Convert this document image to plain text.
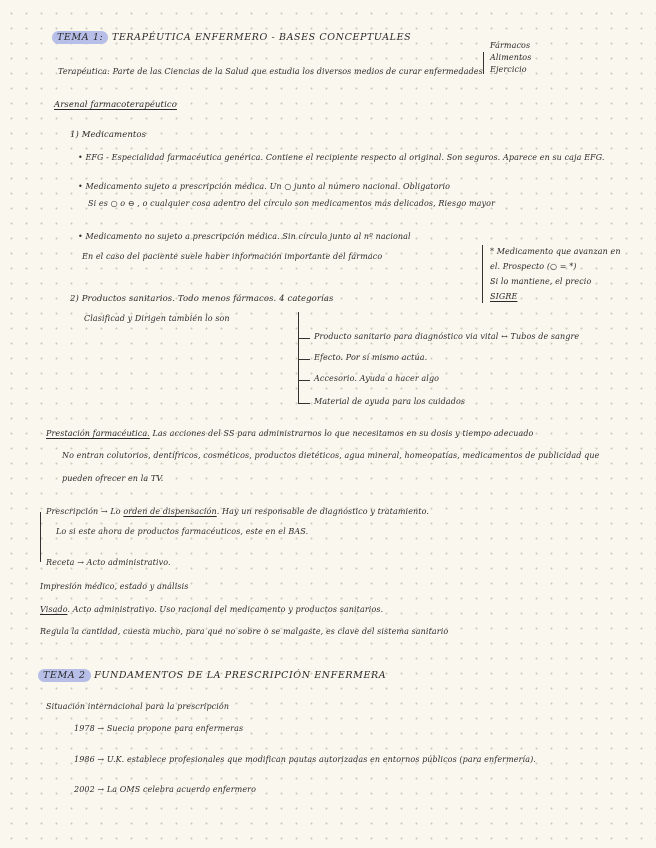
TEMA 1: TERAPÉUTICA ENFERMERO - BASES CONCEPTUALES
Fármacos
Alimentos
Ejercicio
Terapéutica: Parte de las Ciencias de la Salud que estudia los diversos medios de curar enfermedades
Arsenal farmacoterapéutico
1) Medicamentos
• EFG - Especialidad farmacéutica genérica. Contiene el recipiente respecto al original. Son seguros. Aparece en su caja EFG.
• Medicamento sujeto a prescripción médica. Un ○ junto al número nacional. Obligatorio
Si es ○ o ⊖ , o cualquier cosa adentro del círculo son medicamentos más delicados, Riesgo mayor
• Medicamento no sujeto a prescripción médica. Sin círculo junto al nº nacional
En el caso del paciente suele haber información importante del fármaco
* Medicamento que avanzan en
el. Prospecto (○ = *)
Si lo mantiene, el precio
SIGRE
2) Productos sanitarios. Todo menos fármacos. 4 categorías
Clasificad y Dirigen también lo son
Producto sanitario para diagnóstico via vital ↔ Tubos de sangre
Efecto. Por sí mismo actúa.
Accesorio. Ayuda a hacer algo
Material de ayuda para los cuidados
Prestación farmacéutica. Las acciones del SS para administrarnos lo que necesitamos en su dosis y tiempo adecuado
No entran colutorios, dentífricos, cosméticos, productos dietéticos, agua mineral, homeopatías, medicamentos de publicidad que
pueden ofrecer en la TV.
Prescripción → Lo orden de dispensación. Hay un responsable de diagnóstico y tratamiento.
Lo si este ahora de productos farmacéuticos, este en el BAS.
Receta → Acto administrativo.
Impresión médico, estado y análisis
Visado. Acto administrativo. Uso racional del medicamento y productos sanitarios.
Regula la cantidad, cuesta mucho, para que no sobre o se malgaste, es clave del sistema sanitario
TEMA 2 FUNDAMENTOS DE LA PRESCRIPCIÓN ENFERMERA
Situación internacional para la prescripción
1978 → Suecia propone para enfermeras
1986 → U.K. establece profesionales que modifican pautas autorizadas en entornos públicos (para enfermería).
2002 → La OMS celebra acuerdo enfermero
